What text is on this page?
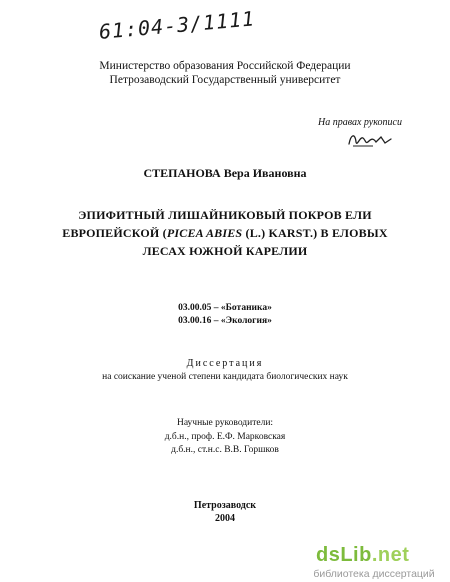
61:04-3/1111
Министерство образования Российской Федерации
Петрозаводский Государственный университет
На правах рукописи
СТЕПАНОВА Вера Ивановна
ЭПИФИТНЫЙ ЛИШАЙНИКОВЫЙ ПОКРОВ ЕЛИ
ЕВРОПЕЙСКОЙ (PICEA ABIES (L.) KARST.) В ЕЛОВЫХ
ЛЕСАХ ЮЖНОЙ КАРЕЛИИ
03.00.05 – «Ботаника»
03.00.16 – «Экология»
Диссертация
на соискание ученой степени кандидата биологических наук
Научные руководители:
д.б.н., проф. Е.Ф. Марковская
д.б.н., ст.н.с. В.В. Горшков
Петрозаводск
2004
dsLib.net
библиотека диссертаций
